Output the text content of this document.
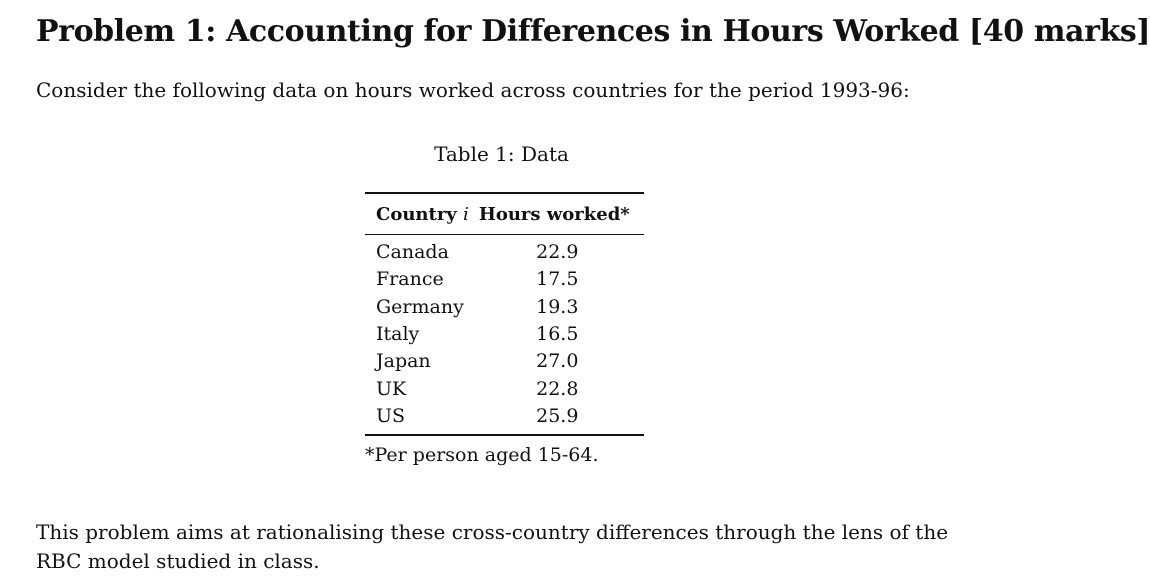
Problem 1: Accounting for Differences in Hours Worked [40 marks]

Consider the following data on hours worked across countries for the period 1993-96:

Table 1: Data
Country i	Hours worked*
Canada	22.9
France	17.5
Germany	19.3
Italy	16.5
Japan	27.0
UK	22.8
US	25.9
*Per person aged 15-64.

This problem aims at rationalising these cross-country differences through the lens of the RBC model studied in class.
